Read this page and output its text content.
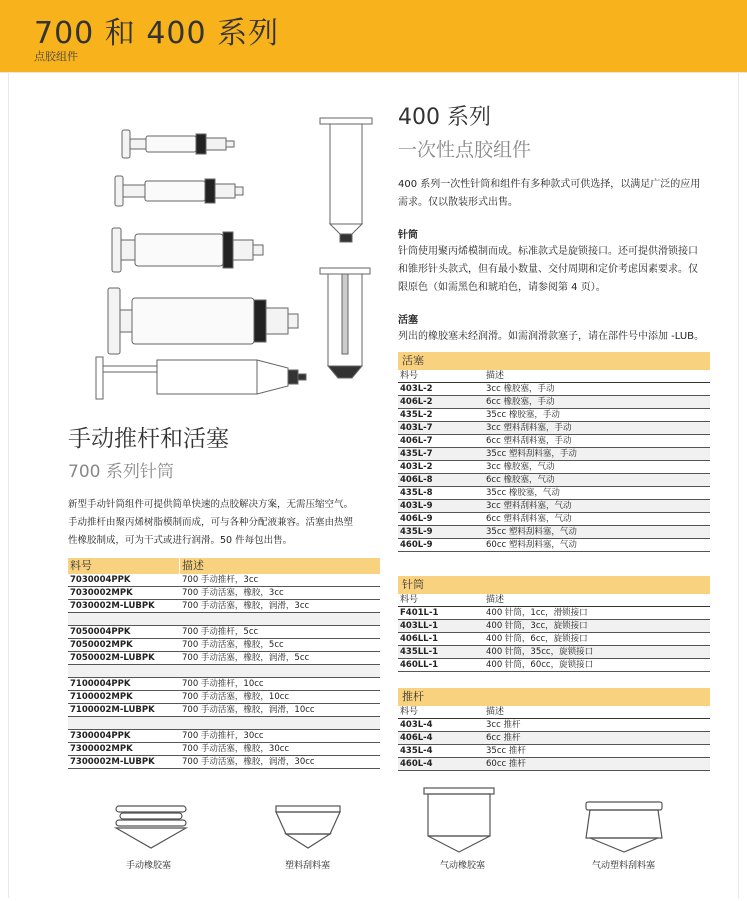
700 和 400 系列
点胶组件
手动橡胶塞	塑料刮料塞	气动橡胶塞	气动塑料刮料塞
400 系列
一次性点胶组件
400 系列一次性针筒和组件有多种款式可供选择，以满足广泛的应用
需求。仅以散装形式出售。
针筒
针筒使用聚丙烯模制而成。标准款式是旋锁接口。还可提供滑锁接口
和锥形针头款式，但有最小数量、交付周期和定价考虑因素要求。仅
限原色（如需黑色和琥珀色，请参阅第 4 页）。
活塞
列出的橡胶塞未经润滑。如需润滑款塞子，请在部件号中添加 -LUB。
手动推杆和活塞
700 系列针筒
新型手动针筒组件可提供简单快速的点胶解决方案，无需压缩空气。
手动推杆由聚丙烯树脂模制而成，可与各种分配液兼容。活塞由热塑
性橡胶制成，可为干式或进行润滑。50 件每包出售。
料号	描述
7030004PPK	700 手动推杆，3cc
7030002MPK	700 手动活塞，橡胶，3cc
7030002M-LUBPK	700 手动活塞，橡胶，润滑，3cc
7050004PPK	700 手动推杆，5cc
7050002MPK	700 手动活塞，橡胶，5cc
7050002M-LUBPK	700 手动活塞，橡胶，润滑，5cc
7100004PPK	700 手动推杆，10cc
7100002MPK	700 手动活塞，橡胶，10cc
7100002M-LUBPK	700 手动活塞，橡胶，润滑，10cc
7300004PPK	700 手动推杆，30cc
7300002MPK	700 手动活塞，橡胶，30cc
7300002M-LUBPK	700 手动活塞，橡胶，润滑，30cc
活塞
料号	描述
403L-2	3cc 橡胶塞，手动
406L-2	6cc 橡胶塞，手动
435L-2	35cc 橡胶塞，手动
403L-7	3cc 塑料刮料塞，手动
406L-7	6cc 塑料刮料塞，手动
435L-7	35cc 塑料刮料塞，手动
403L-2	3cc 橡胶塞，气动
406L-8	6cc 橡胶塞，气动
435L-8	35cc 橡胶塞，气动
403L-9	3cc 塑料刮料塞，气动
406L-9	6cc 塑料刮料塞，气动
435L-9	35cc 塑料刮料塞，气动
460L-9	60cc 塑料刮料塞，气动
针筒
料号	描述
F401L-1	400 针筒，1cc，滑锁接口
403LL-1	400 针筒，3cc，旋锁接口
406LL-1	400 针筒，6cc，旋锁接口
435LL-1	400 针筒，35cc，旋锁接口
460LL-1	400 针筒，60cc，旋锁接口
推杆
料号	描述
403L-4	3cc 推杆
406L-4	6cc 推杆
435L-4	35cc 推杆
460L-4	60cc 推杆
